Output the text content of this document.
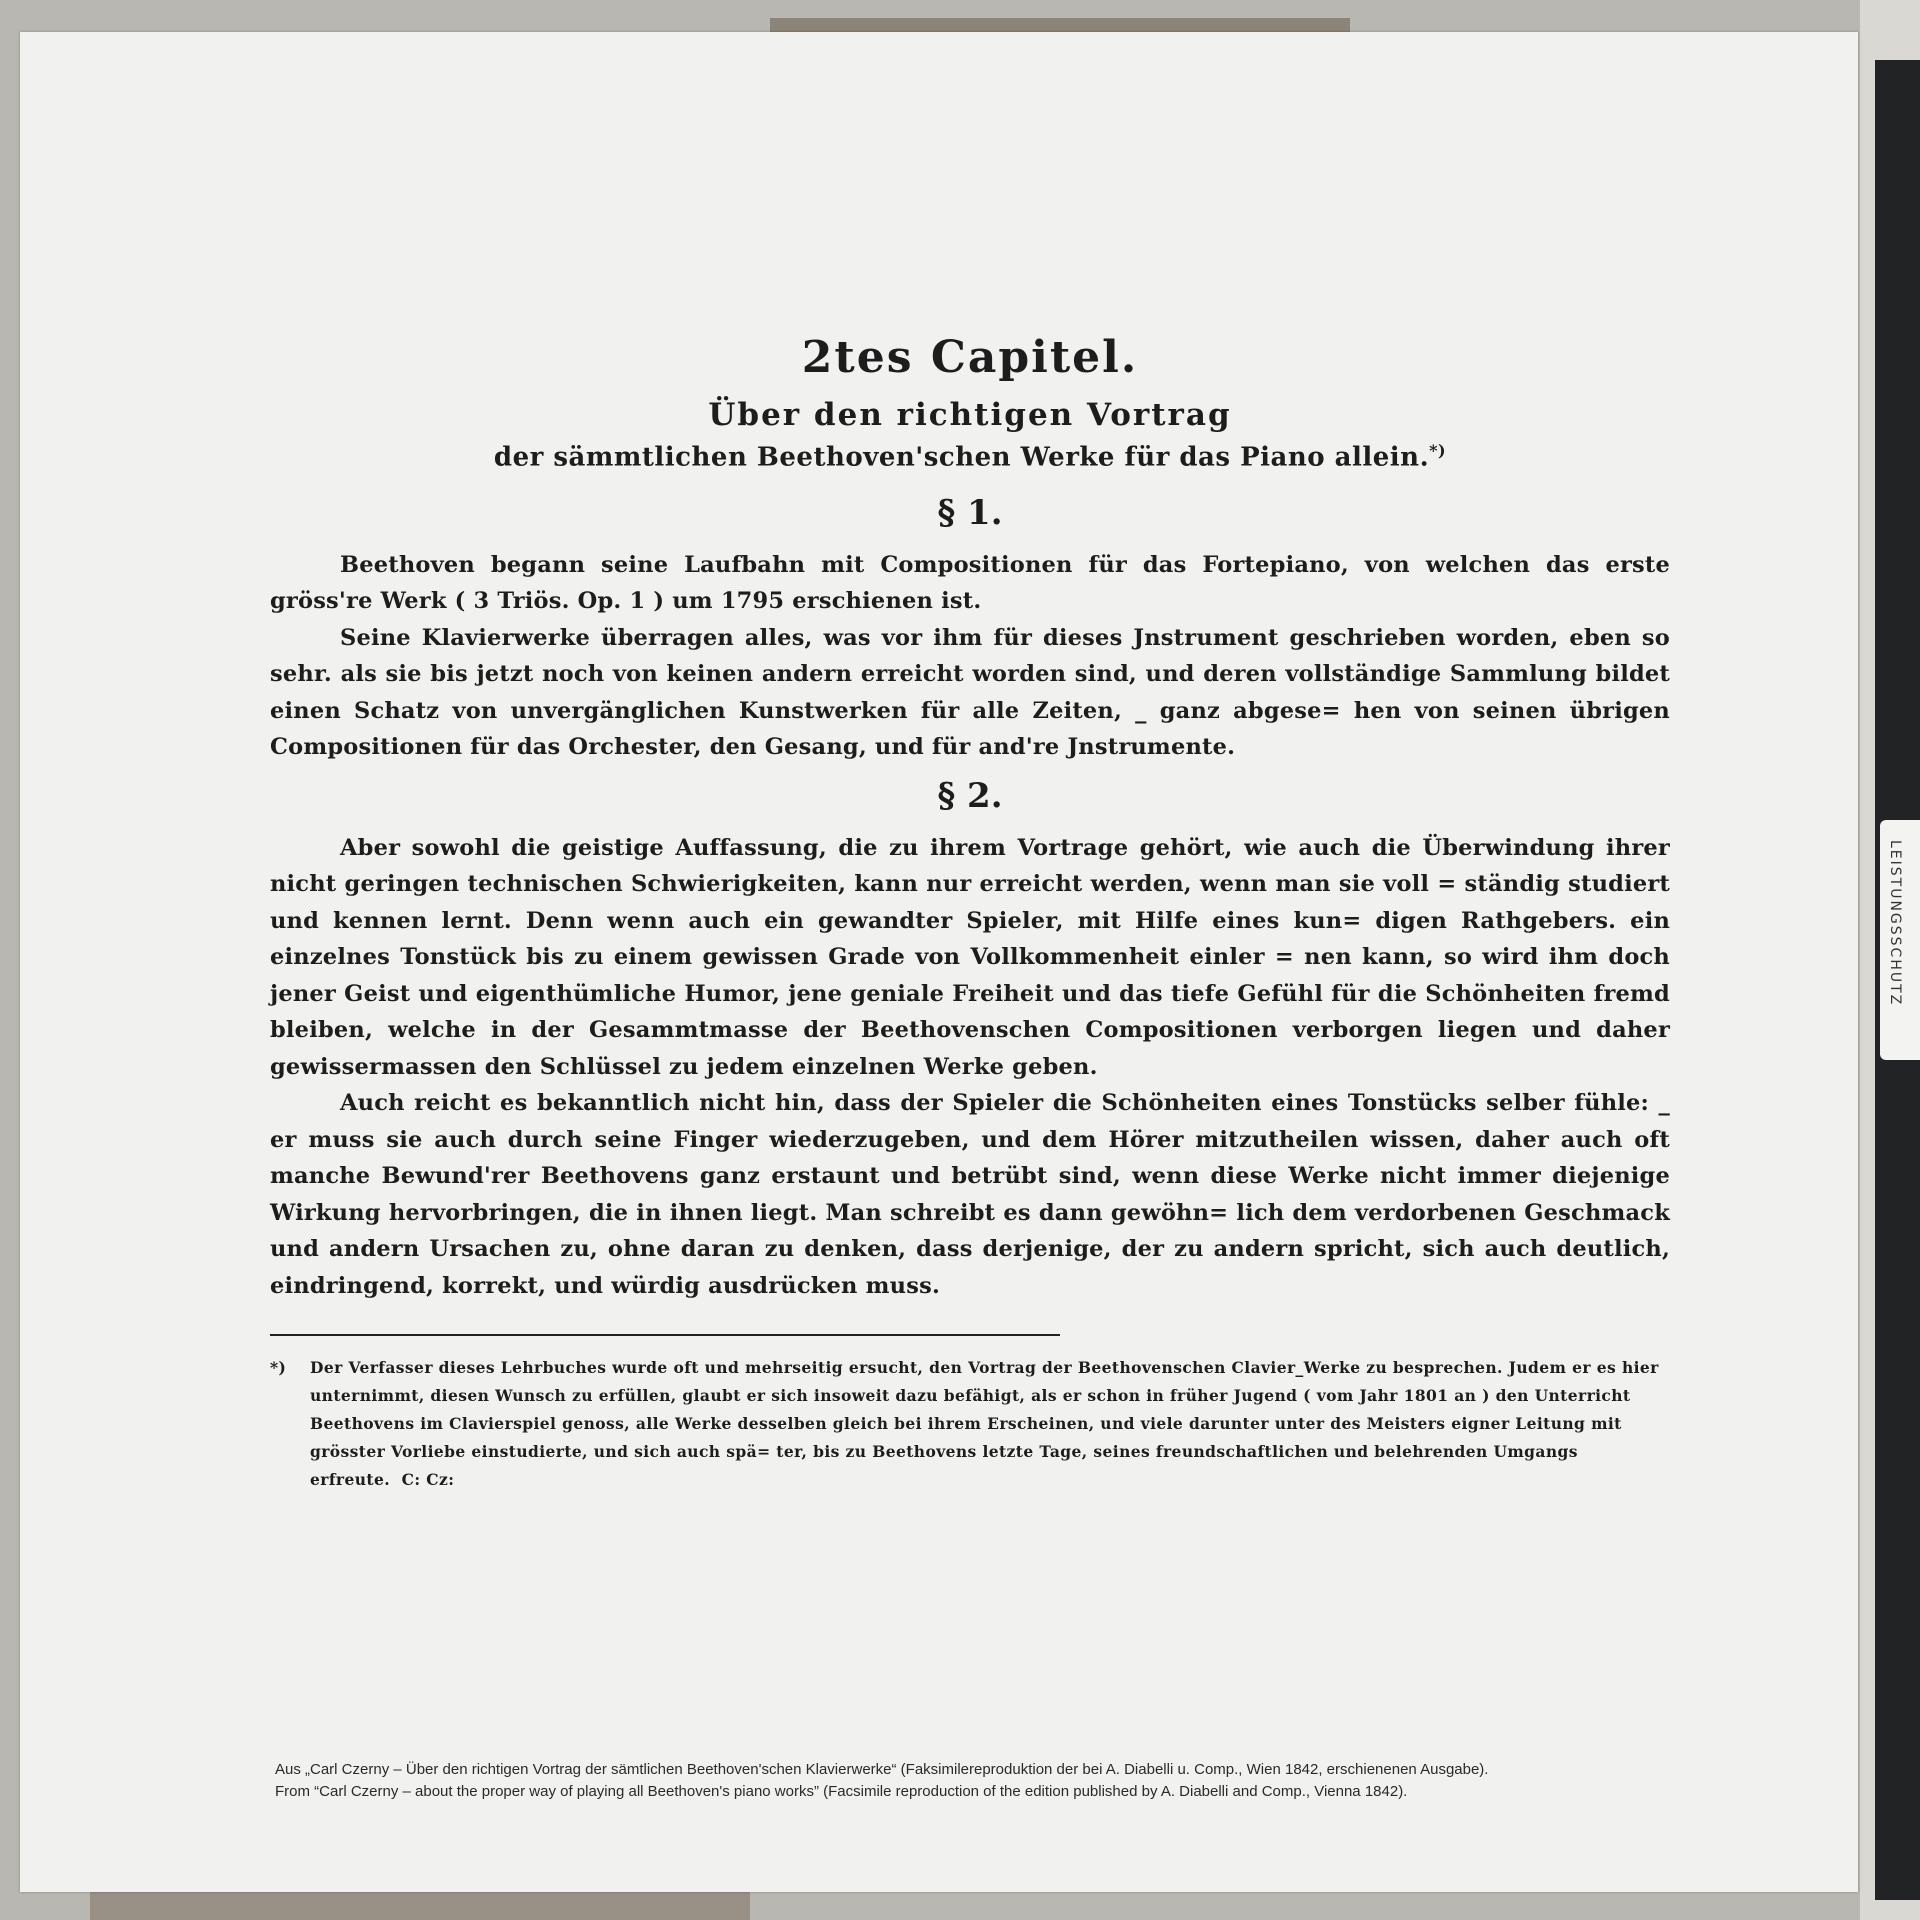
LEISTUNGSSCHUTZ
2tes Capitel.
Über den richtigen Vortrag
der sämmtlichen Beethoven'schen Werke für das Piano allein.*)
§ 1.

Beethoven begann seine Laufbahn mit Compositionen für das Fortepiano, von welchen das erste gröss're Werk ( 3 Triös. Op. 1 ) um 1795 erschienen ist.

Seine Klavierwerke überragen alles, was vor ihm für dieses Jnstrument geschrieben worden, eben so sehr. als sie bis jetzt noch von keinen andern erreicht worden sind, und deren vollständige Sammlung bildet einen Schatz von unvergänglichen Kunstwerken für alle Zeiten, _ ganz abgese= hen von seinen übrigen Compositionen für das Orchester, den Gesang, und für and're Jnstrumente.

§ 2.

Aber sowohl die geistige Auffassung, die zu ihrem Vortrage gehört, wie auch die Überwindung ihrer nicht geringen technischen Schwierigkeiten, kann nur erreicht werden, wenn man sie voll = ständig studiert und kennen lernt. Denn wenn auch ein gewandter Spieler, mit Hilfe eines kun= digen Rathgebers. ein einzelnes Tonstück bis zu einem gewissen Grade von Vollkommenheit einler = nen kann, so wird ihm doch jener Geist und eigenthümliche Humor, jene geniale Freiheit und das tiefe Gefühl für die Schönheiten fremd bleiben, welche in der Gesammtmasse der Beethovenschen Compositionen verborgen liegen und daher gewissermassen den Schlüssel zu jedem einzelnen Werke geben.

Auch reicht es bekanntlich nicht hin, dass der Spieler die Schönheiten eines Tonstücks selber fühle: _ er muss sie auch durch seine Finger wiederzugeben, und dem Hörer mitzutheilen wissen, daher auch oft manche Bewund'rer Beethovens ganz erstaunt und betrübt sind, wenn diese Werke nicht immer diejenige Wirkung hervorbringen, die in ihnen liegt. Man schreibt es dann gewöhn= lich dem verdorbenen Geschmack und andern Ursachen zu, ohne daran zu denken, dass derjenige, der zu andern spricht, sich auch deutlich, eindringend, korrekt, und würdig ausdrücken muss.

*) Der Verfasser dieses Lehrbuches wurde oft und mehrseitig ersucht, den Vortrag der Beethovenschen Clavier_Werke zu besprechen. Judem er es hier unternimmt, diesen Wunsch zu erfüllen, glaubt er sich insoweit dazu befähigt, als er schon in früher Jugend ( vom Jahr 1801 an ) den Unterricht Beethovens im Clavierspiel genoss, alle Werke desselben gleich bei ihrem Erscheinen, und viele darunter unter des Meisters eigner Leitung mit grösster Vorliebe einstudierte, und sich auch spä= ter, bis zu Beethovens letzte Tage, seines freundschaftlichen und belehrenden Umgangs erfreute. C: Cz:

Aus „Carl Czerny – Über den richtigen Vortrag der sämtlichen Beethoven'schen Klavierwerke“ (Faksimilereproduktion der bei A. Diabelli u. Comp., Wien 1842, erschienenen Ausgabe).

From “Carl Czerny – about the proper way of playing all Beethoven's piano works” (Facsimile reproduction of the edition published by A. Diabelli and Comp., Vienna 1842).
